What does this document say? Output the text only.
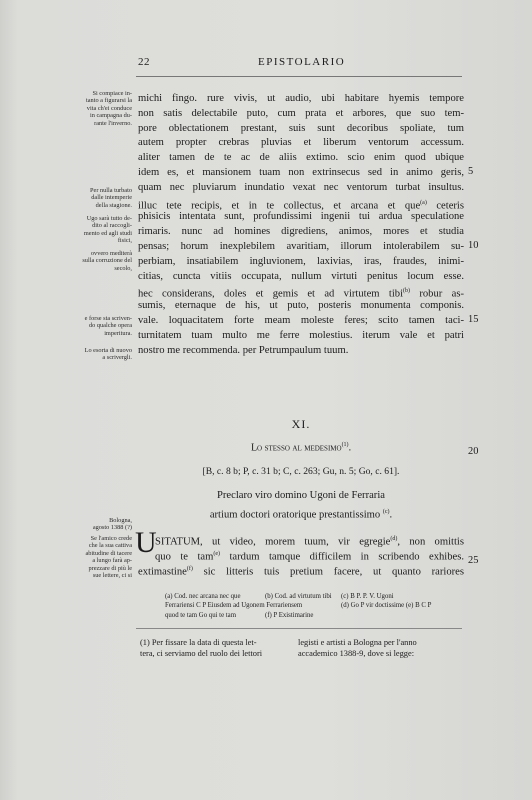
22	EPISTOLARIO
Si compiace in-
tanto a figurarsi la
vita ch'ei conduce
in campagna du-
rante l'inverno.
Per nulla turbato
dalle intemperie
della stagione.
Ugo sarà tutto de-
dito al raccogli-
mento ed agli studi
fisici,
ovvero mediterà
sulla corruzione del
secolo,
e forse sta scriven-
do qualche opera
imperitura.
Lo esorta di nuovo
a scrivergli.
Bologna,
agosto 1388 (?)
Se l'amico crede
che la sua cattiva
abitudine di tacere
a lungo farà ap-
prezzare di più le
sue lettere, ci si
michi fingo. rure vivis, ut audio, ubi habitare hyemis tempore
non satis delectabile puto, cum prata et arbores, que suo tem-
pore oblectationem prestant, suis sunt decoribus spoliate, tum
autem propter crebras pluvias et liberum ventorum accessum.
aliter tamen de te ac de aliis extimo. scio enim quod ubique
idem es, et mansionem tuam non extrinsecus sed in animo geris,
quam nec pluviarum inundatio vexat nec ventorum turbat insultus.
illuc tete recipis, et in te collectus, et arcana et que$^{(a)}$ ceteris
phisicis intentata sunt, profundissimi ingenii tui ardua speculatione
rimaris. nunc ad homines digrediens, animos, mores et studia
pensas; horum inexplebilem avaritiam, illorum intolerabilem su-
perbiam, insatiabilem ingluvionem, laxivias, iras, fraudes, inimi-
citias, cuncta vitiis occupata, nullum virtuti penitus locum esse.
hec considerans, doles et gemis et ad virtutem tibi$^{(b)}$ robur as-
sumis, eternaque de his, ut puto, posteris monumenta componis.
vale. loquacitatem forte meam moleste feres; scito tamen taci-
turnitatem tuam multo me ferre molestius. iterum vale et patri
nostro me recommenda. per Petrumpaulum tuum.
5
10
15
20
25
XI.
Lo stesso al medesimo$^{(1)}$.
[B, c. 8 b; P, c. 31 b; C, c. 263; Gu, n. 5; Go, c. 61].
Preclaro viro domino Ugoni de Ferraria
artium doctori oratorique prestantissimo $^{(c)}$.
U
SITATUM, ut video, morem tuum, vir egregie$^{(d)}$, non omittis
quo te tam$^{(e)}$ tardum tamque difficilem in scribendo exhibes.
extimastine$^{(f)}$ sic litteris tuis pretium facere, ut quanto rariores
(a) Cod. nec arcana nec que	(b) Cod. ad virtutum tibi	(c) B P. P. V. Ugoni
Ferrariensi C P Eiusdem ad Ugonem Ferrariensem	(d) Go P vir doctissime (e) B C P
quod te tam Go qui te tam	(f) P Existimarine
(1) Per fissare la data di questa let-
tera, ci serviamo del ruolo dei lettori
legisti e artisti a Bologna per l'anno
accademico 1388-9, dove si legge:
